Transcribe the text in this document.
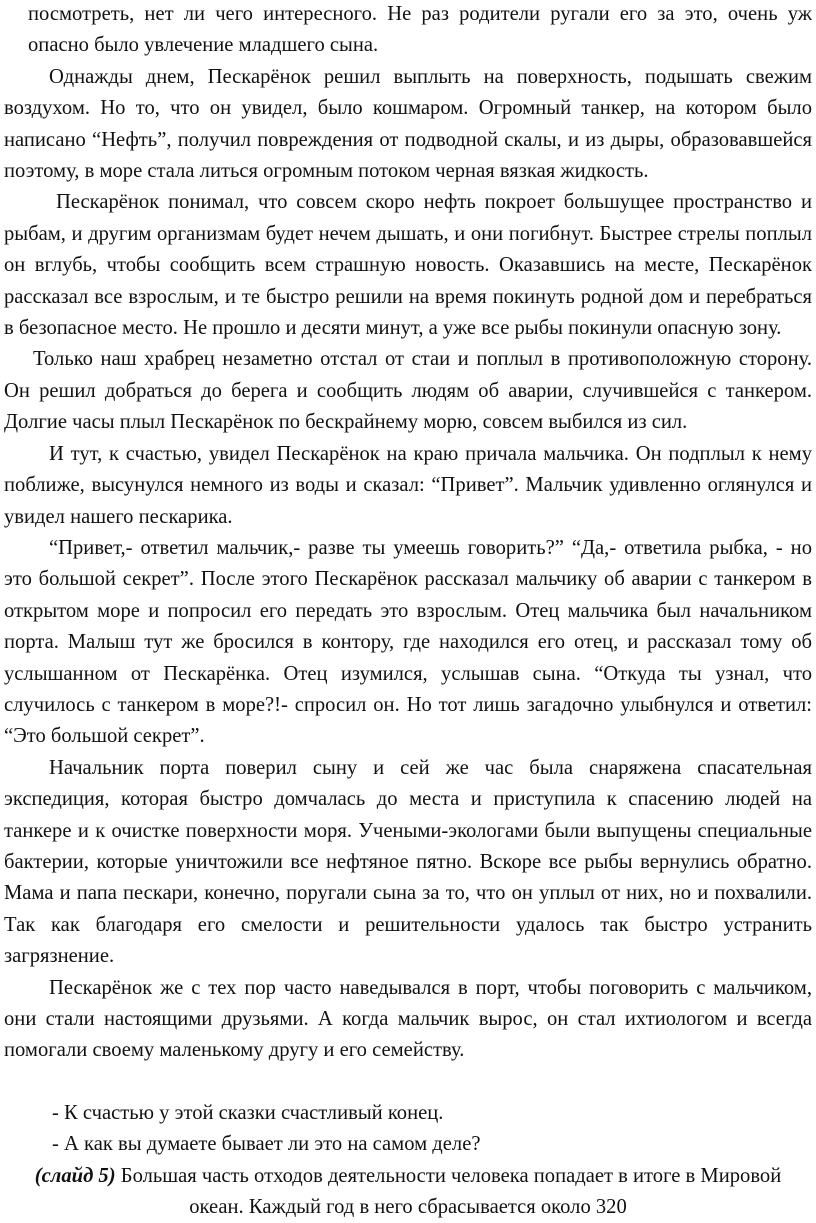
посмотреть, нет ли чего интересного. Не раз родители ругали его за это, очень уж опасно было увлечение младшего сына.

Однажды днем, Пескарёнок решил выплыть на поверхность, подышать свежим воздухом. Но то, что он увидел, было кошмаром. Огромный танкер, на котором было написано “Нефть”, получил повреждения от подводной скалы, и из дыры, образовавшейся поэтому, в море стала литься огромным потоком черная вязкая жидкость.

Пескарёнок понимал, что совсем скоро нефть покроет большущее пространство и рыбам, и другим организмам будет нечем дышать, и они погибнут. Быстрее стрелы поплыл он вглубь, чтобы сообщить всем страшную новость. Оказавшись на месте, Пескарёнок рассказал все взрослым, и те быстро решили на время покинуть родной дом и перебраться в безопасное место. Не прошло и десяти минут, а уже все рыбы покинули опасную зону.

Только наш храбрец незаметно отстал от стаи и поплыл в противоположную сторону. Он решил добраться до берега и сообщить людям об аварии, случившейся с танкером. Долгие часы плыл Пескарёнок по бескрайнему морю, совсем выбился из сил.

И тут, к счастью, увидел Пескарёнок на краю причала мальчика. Он подплыл к нему поближе, высунулся немного из воды и сказал: “Привет”. Мальчик удивленно оглянулся и увидел нашего пескарика.

“Привет,- ответил мальчик,- разве ты умеешь говорить?” “Да,- ответила рыбка, - но это большой секрет”. После этого Пескарёнок рассказал мальчику об аварии с танкером в открытом море и попросил его передать это взрослым. Отец мальчика был начальником порта. Малыш тут же бросился в контору, где находился его отец, и рассказал тому об услышанном от Пескарёнка. Отец изумился, услышав сына. “Откуда ты узнал, что случилось с танкером в море?!- спросил он. Но тот лишь загадочно улыбнулся и ответил: “Это большой секрет”.

Начальник порта поверил сыну и сей же час была снаряжена спасательная экспедиция, которая быстро домчалась до места и приступила к спасению людей на танкере и к очистке поверхности моря. Учеными-экологами были выпущены специальные бактерии, которые уничтожили все нефтяное пятно. Вскоре все рыбы вернулись обратно. Мама и папа пескари, конечно, поругали сына за то, что он уплыл от них, но и похвалили. Так как благодаря его смелости и решительности удалось так быстро устранить загрязнение.

Пескарёнок же с тех пор часто наведывался в порт, чтобы поговорить с мальчиком, они стали настоящими друзьями. А когда мальчик вырос, он стал ихтиологом и всегда помогали своему маленькому другу и его семейству.

- К счастью у этой сказки счастливый конец.

- А как вы думаете бывает ли это на самом деле?

(слайд 5) Большая часть отходов деятельности человека попадает в итоге в Мировой океан. Каждый год в него сбрасывается около 320
